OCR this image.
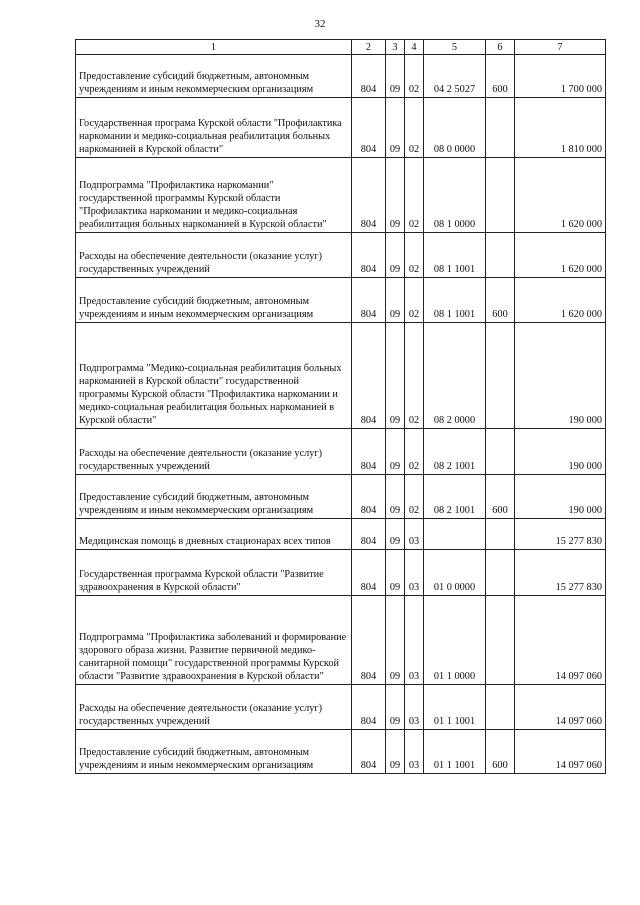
32
1	2	3	4	5	6	7
Предоставление субсидий бюджетным, автономным учреждениям и иным некоммерческим организациям	804	09	02	04 2 5027	600	1 700 000
Государственная програма Курской области "Профилактика наркомании и медико-социальная реабилитация больных наркоманией в Курской области"	804	09	02	08 0 0000		1 810 000
Подпрограмма "Профилактика наркомании" государственной программы Курской области "Профилактика наркомании и медико-социальная реабилитация больных наркоманией в Курской области"	804	09	02	08 1 0000		1 620 000
Расходы на обеспечение деятельности (оказание услуг) государственных учреждений	804	09	02	08 1 1001		1 620 000
Предоставление субсидий бюджетным, автономным учреждениям и иным некоммерческим организациям	804	09	02	08 1 1001	600	1 620 000
Подпрограмма "Медико-социальная реабилитация больных наркоманией в Курской области" государственной программы Курской области "Профилактика наркомании и медико-социальная реабилитация больных наркоманией в Курской области"	804	09	02	08 2 0000		190 000
Расходы на обеспечение деятельности (оказание услуг) государственных учреждений	804	09	02	08 2 1001		190 000
Предоставление субсидий бюджетным, автономным учреждениям и иным некоммерческим организациям	804	09	02	08 2 1001	600	190 000
Медицинская помощь в дневных стационарах всех типов	804	09	03			15 277 830
Государственная программа Курской области "Развитие здравоохранения в Курской области"	804	09	03	01 0 0000		15 277 830
Подпрограмма "Профилактика заболеваний и формирование здорового образа жизни. Развитие первичной медико-санитарной помощи" государственной программы Курской области "Развитие здравоохранения в Курской области"	804	09	03	01 1 0000		14 097 060
Расходы на обеспечение деятельности (оказание услуг) государственных учреждений	804	09	03	01 1 1001		14 097 060
Предоставление субсидий бюджетным, автономным учреждениям и иным некоммерческим организациям	804	09	03	01 1 1001	600	14 097 060
